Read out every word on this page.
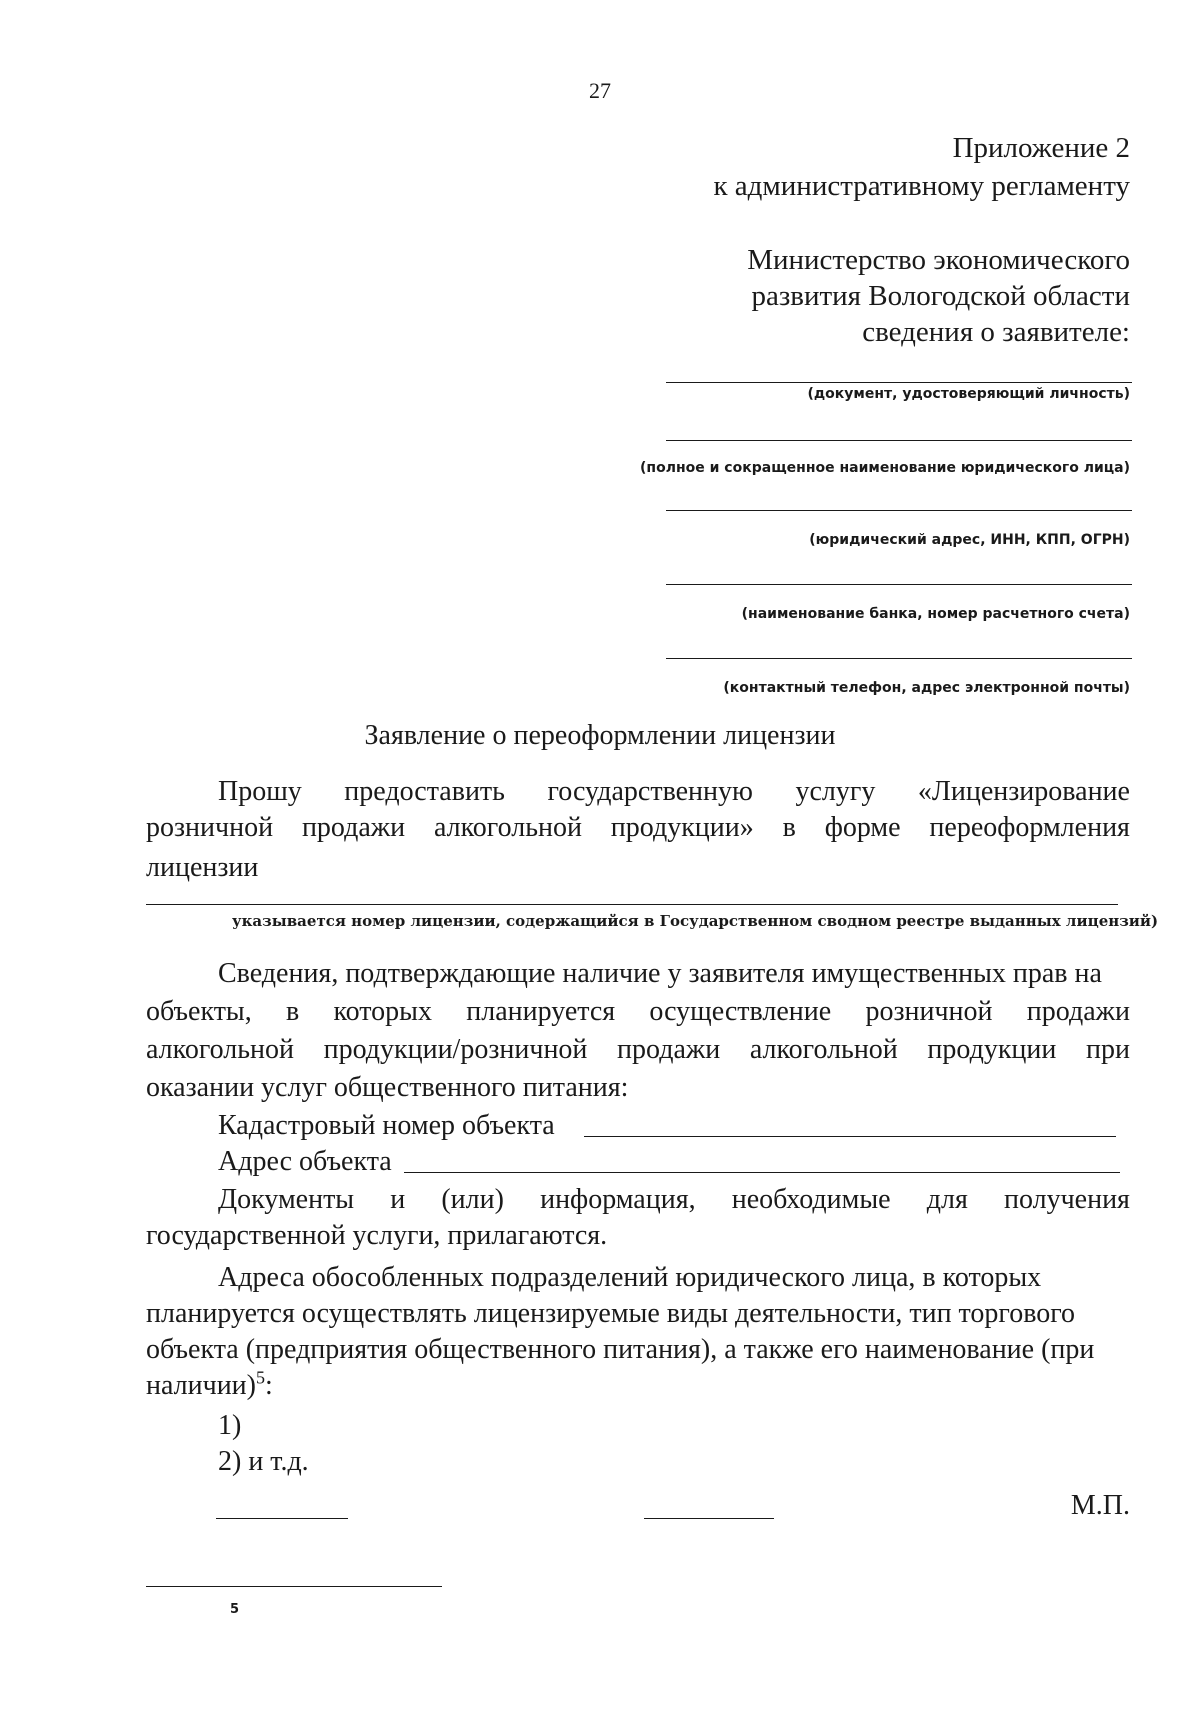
27
Приложение 2
к административному регламенту
Министерство экономического
развития Вологодской области
сведения о заявителе:
(документ, удостоверяющий личность)
(полное и сокращенное наименование юридического лица)
(юридический адрес, ИНН, КПП, ОГРН)
(наименование банка, номер расчетного счета)
(контактный телефон, адрес электронной почты)
Заявление о переоформлении лицензии
Прошу предоставить государственную услугу «Лицензирование
розничной продажи алкогольной продукции» в форме переоформления
лицензии
указывается номер лицензии, содержащийся в Государственном сводном реестре выданных лицензий)
Сведения, подтверждающие наличие у заявителя имущественных прав на
объекты, в которых планируется осуществление розничной продажи
алкогольной продукции/розничной продажи алкогольной продукции при
оказании услуг общественного питания:
Кадастровый номер объекта
Адрес объекта
Документы и (или) информация, необходимые для получения
государственной услуги, прилагаются.
Адреса обособленных подразделений юридического лица, в которых
планируется осуществлять лицензируемые виды деятельности, тип торгового
объекта (предприятия общественного питания), а также его наименование (при
наличии)$^5$:
1)
2) и т.д.
М.П.
5
